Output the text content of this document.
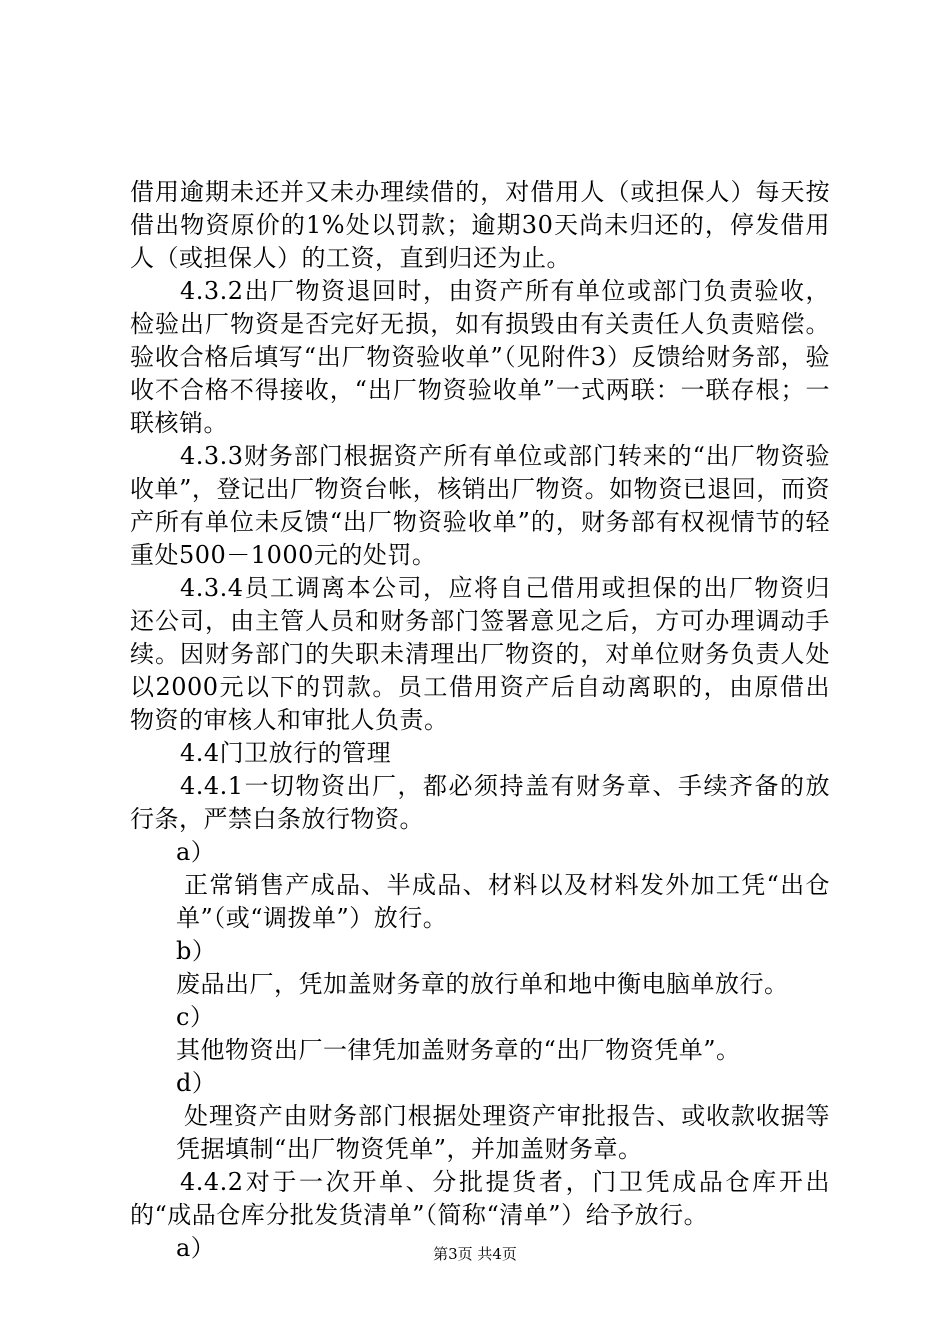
借用逾期未还并又未办理续借的，对借用人（或担保人）每天按借出物资原价的1%处以罚款；逾期30天尚未归还的，停发借用人（或担保人）的工资，直到归还为止。

4.3.2出厂物资退回时，由资产所有单位或部门负责验收，检验出厂物资是否完好无损，如有损毁由有关责任人负责赔偿。验收合格后填写“出厂物资验收单”（见附件3）反馈给财务部，验收不合格不得接收，“出厂物资验收单”一式两联：一联存根；一联核销。

4.3.3财务部门根据资产所有单位或部门转来的“出厂物资验收单”，登记出厂物资台帐，核销出厂物资。如物资已退回，而资产所有单位未反馈“出厂物资验收单”的，财务部有权视情节的轻重处500－1000元的处罚。

4.3.4员工调离本公司，应将自己借用或担保的出厂物资归还公司，由主管人员和财务部门签署意见之后，方可办理调动手续。因财务部门的失职未清理出厂物资的，对单位财务负责人处以2000元以下的罚款。员工借用资产后自动离职的，由原借出物资的审核人和审批人负责。

4.4门卫放行的管理

4.4.1一切物资出厂，都必须持盖有财务章、手续齐备的放行条，严禁白条放行物资。

a）

正常销售产成品、半成品、材料以及材料发外加工凭“出仓单”（或“调拨单”）放行。

b）

废品出厂，凭加盖财务章的放行单和地中衡电脑单放行。

c）

其他物资出厂一律凭加盖财务章的“出厂物资凭单”。

d）

处理资产由财务部门根据处理资产审批报告、或收款收据等凭据填制“出厂物资凭单”，并加盖财务章。

4.4.2对于一次开单、分批提货者，门卫凭成品仓库开出的“成品仓库分批发货清单”（简称“清单”）给予放行。

a）	第3页 共4页
